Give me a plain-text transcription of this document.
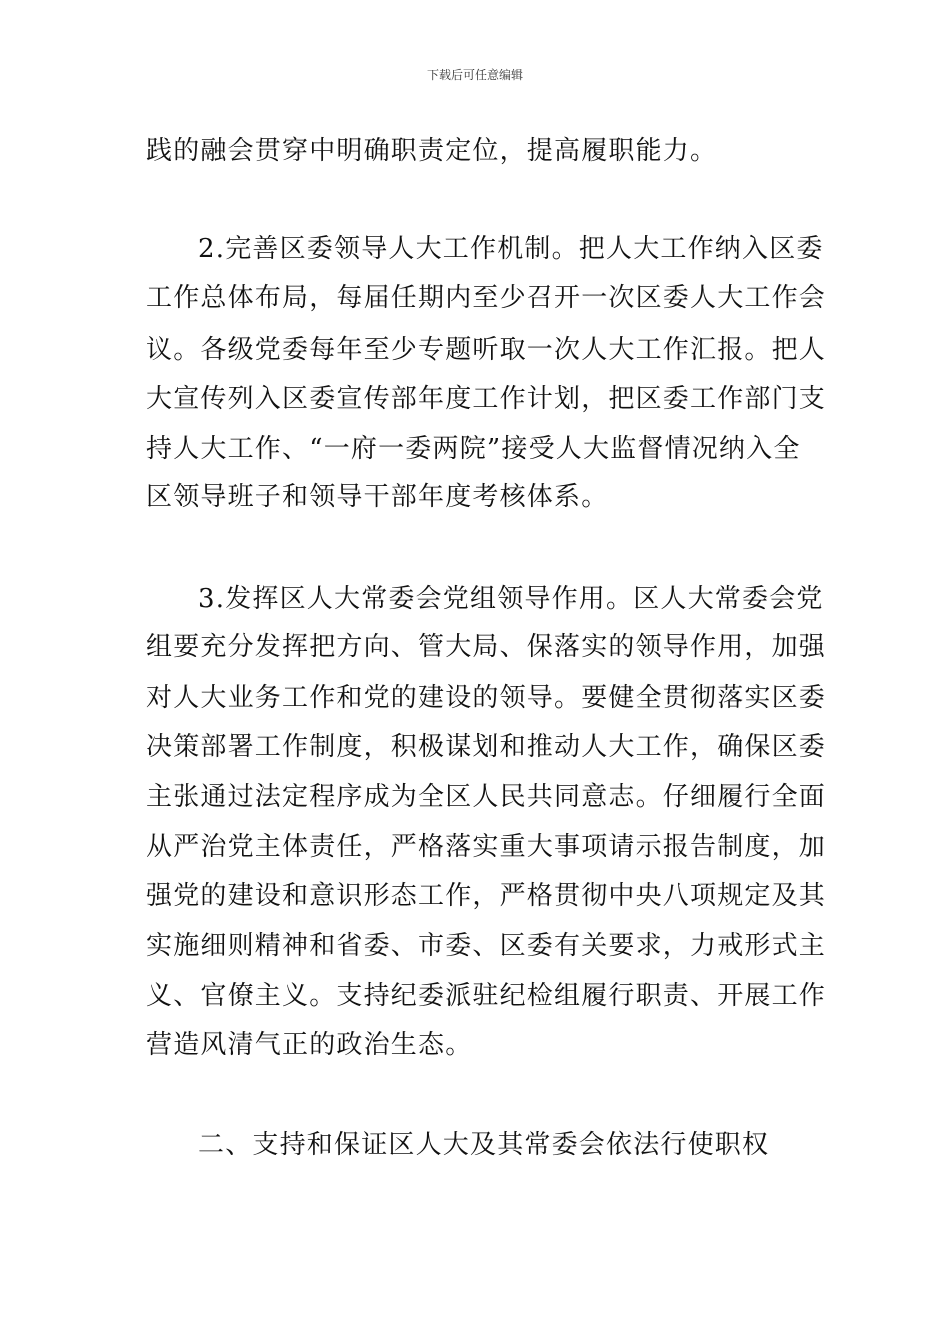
下载后可任意编辑
践的融会贯穿中明确职责定位，提高履职能力。
2.完善区委领导人大工作机制。把人大工作纳入区委
工作总体布局，每届任期内至少召开一次区委人大工作会
议。各级党委每年至少专题听取一次人大工作汇报。把人
大宣传列入区委宣传部年度工作计划，把区委工作部门支
持人大工作、“一府一委两院”接受人大监督情况纳入全
区领导班子和领导干部年度考核体系。
3.发挥区人大常委会党组领导作用。区人大常委会党
组要充分发挥把方向、管大局、保落实的领导作用，加强
对人大业务工作和党的建设的领导。要健全贯彻落实区委
决策部署工作制度，积极谋划和推动人大工作，确保区委
主张通过法定程序成为全区人民共同意志。仔细履行全面
从严治党主体责任，严格落实重大事项请示报告制度，加
强党的建设和意识形态工作，严格贯彻中央八项规定及其
实施细则精神和省委、市委、区委有关要求，力戒形式主
义、官僚主义。支持纪委派驻纪检组履行职责、开展工作
营造风清气正的政治生态。
二、支持和保证区人大及其常委会依法行使职权
